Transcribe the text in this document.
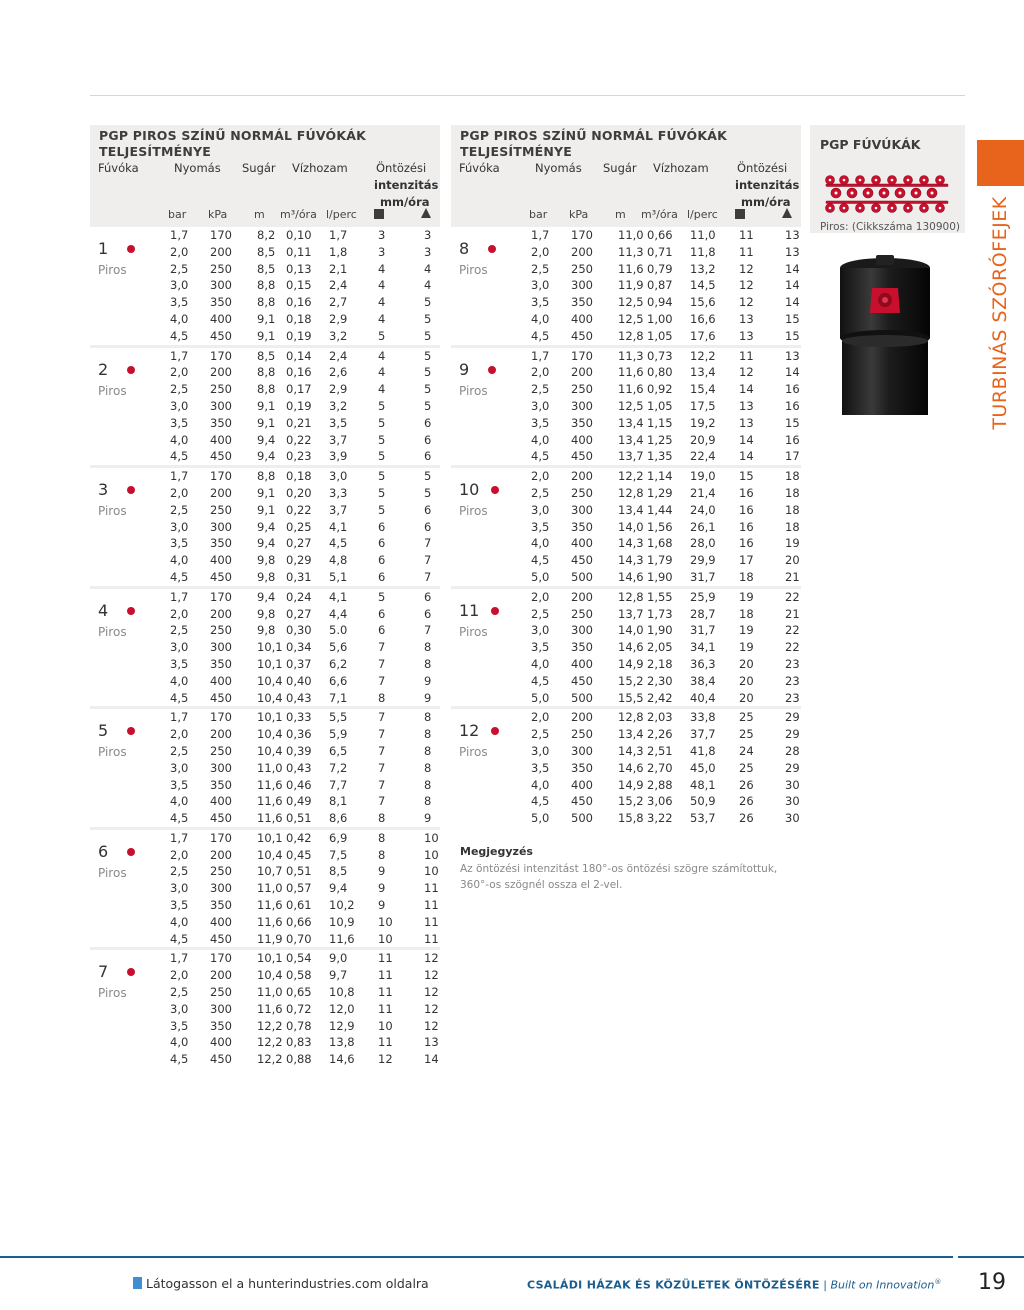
PGP PIROS SZÍNŰ NORMÁL FÚVÓKÁK TELJESÍTMÉNYE
Fúvóka	Nyomás Sugár Vízhozam Öntözési
intenzitás
mm/óra
bar kPa m m³/óra l/perc
1
Piros
1,7 170 8,2 0,10 1,7	3	3
2,0 200 8,5 0,11 1,8	3	3
2,5 250 8,5 0,13 2,1	4	4
3,0 300 8,8 0,15 2,4	4	4
3,5 350 8,8 0,16 2,7	4	5
4,0 400 9,1 0,18 2,9	4	5
4,5 450 9,1 0,19 3,2	5	5
2
Piros
1,7 170 8,5 0,14 2,4	4	5
2,0 200 8,8 0,16 2,6	4	5
2,5 250 8,8 0,17 2,9	4	5
3,0 300 9,1 0,19 3,2	5	5
3,5 350 9,1 0,21 3,5	5	6
4,0 400 9,4 0,22 3,7	5	6
4,5 450 9,4 0,23 3,9	5	6
3
Piros
1,7 170 8,8 0,18 3,0	5	5
2,0 200 9,1 0,20 3,3	5	5
2,5 250 9,1 0,22 3,7	5	6
3,0 300 9,4 0,25 4,1	6	6
3,5 350 9,4 0,27 4,5	6	7
4,0 400 9,8 0,29 4,8	6	7
4,5 450 9,8 0,31 5,1	6	7
4
Piros
1,7 170 9,4 0,24 4,1	5	6
2,0 200 9,8 0,27 4,4	6	6
2,5 250 9,8 0,30 5.0	6	7
3,0 300 10,1 0,34 5,6	7	8
3,5 350 10,1 0,37 6,2	7	8
4,0 400 10,4 0,40 6,6	7	9
4,5 450 10,4 0,43 7,1	8	9
5
Piros
1,7 170 10,1 0,33 5,5	7	8
2,0 200 10,4 0,36 5,9	7	8
2,5 250 10,4 0,39 6,5	7	8
3,0 300 11,0 0,43 7,2	7	8
3,5 350 11,6 0,46 7,7	7	8
4,0 400 11,6 0,49 8,1	7	8
4,5 450 11,6 0,51 8,6	8	9
6
Piros
1,7 170 10,1 0,42 6,9	8	10
2,0 200 10,4 0,45 7,5	8	10
2,5 250 10,7 0,51 8,5	9	10
3,0 300 11,0 0,57 9,4	9	11
3,5 350 11,6 0,61 10,2 9	11
4,0 400 11,6 0,66 10,9 10	11
4,5 450 11,9 0,70 11,6 10	11
7
Piros
1,7 170 10,1 0,54 9,0	11	12
2,0 200 10,4 0,58 9,7	11	12
2,5 250 11,0 0,65 10,8 11	12
3,0 300 11,6 0,72 12,0 11	12
3,5 350 12,2 0,78 12,9 10	12
4,0 400 12,2 0,83 13,8 11	13
4,5 450 12,2 0,88 14,6 12	14
PGP PIROS SZÍNŰ NORMÁL FÚVÓKÁK TELJESÍTMÉNYE
Fúvóka	Nyomás Sugár Vízhozam Öntözési
intenzitás
mm/óra
bar kPa m m³/óra l/perc
8
Piros
1,7 170 11,0 0,66 11,0 11	13
2,0 200 11,3 0,71 11,8 11	13
2,5 250 11,6 0,79 13,2 12	14
3,0 300 11,9 0,87 14,5 12	14
3,5 350 12,5 0,94 15,6 12	14
4,0 400 12,5 1,00 16,6 13	15
4,5 450 12,8 1,05 17,6 13	15
9
Piros
1,7 170 11,3 0,73 12,2 11	13
2,0 200 11,6 0,80 13,4 12	14
2,5 250 11,6 0,92 15,4 14	16
3,0 300 12,5 1,05 17,5 13	16
3,5 350 13,4 1,15 19,2 13	15
4,0 400 13,4 1,25 20,9 14	16
4,5 450 13,7 1,35 22,4 14	17
10
Piros
2,0 200 12,2 1,14 19,0 15	18
2,5 250 12,8 1,29 21,4 16	18
3,0 300 13,4 1,44 24,0 16	18
3,5 350 14,0 1,56 26,1 16	18
4,0 400 14,3 1,68 28,0 16	19
4,5 450 14,3 1,79 29,9 17	20
5,0 500 14,6 1,90 31,7 18	21
11
Piros
2,0 200 12,8 1,55 25,9 19	22
2,5 250 13,7 1,73 28,7 18	21
3,0 300 14,0 1,90 31,7 19	22
3,5 350 14,6 2,05 34,1 19	22
4,0 400 14,9 2,18 36,3 20	23
4,5 450 15,2 2,30 38,4 20	23
5,0 500 15,5 2,42 40,4 20	23
12
Piros
2,0 200 12,8 2,03 33,8 25	29
2,5 250 13,4 2,26 37,7 25	29
3,0 300 14,3 2,51 41,8 24	28
3,5 350 14,6 2,70 45,0 25	29
4,0 400 14,9 2,88 48,1 26	30
4,5 450 15,2 3,06 50,9 26	30
5,0 500 15,8 3,22 53,7 26	30
Megjegyzés
Az öntözési intenzitást 180°-os öntözési szögre számítottuk, 360°-os szögnél ossza el 2-vel.
PGP FÚVÚKÁK
Piros: (Cikkszáma 130900) TURBINÁS SZÓRÓFEJEK
Látogasson el a hunterindustries.com oldalra	CSALÁDI HÁZAK ÉS KÖZÜLETEK ÖNTÖZÉSÉRE | Built on Innovation® 19
